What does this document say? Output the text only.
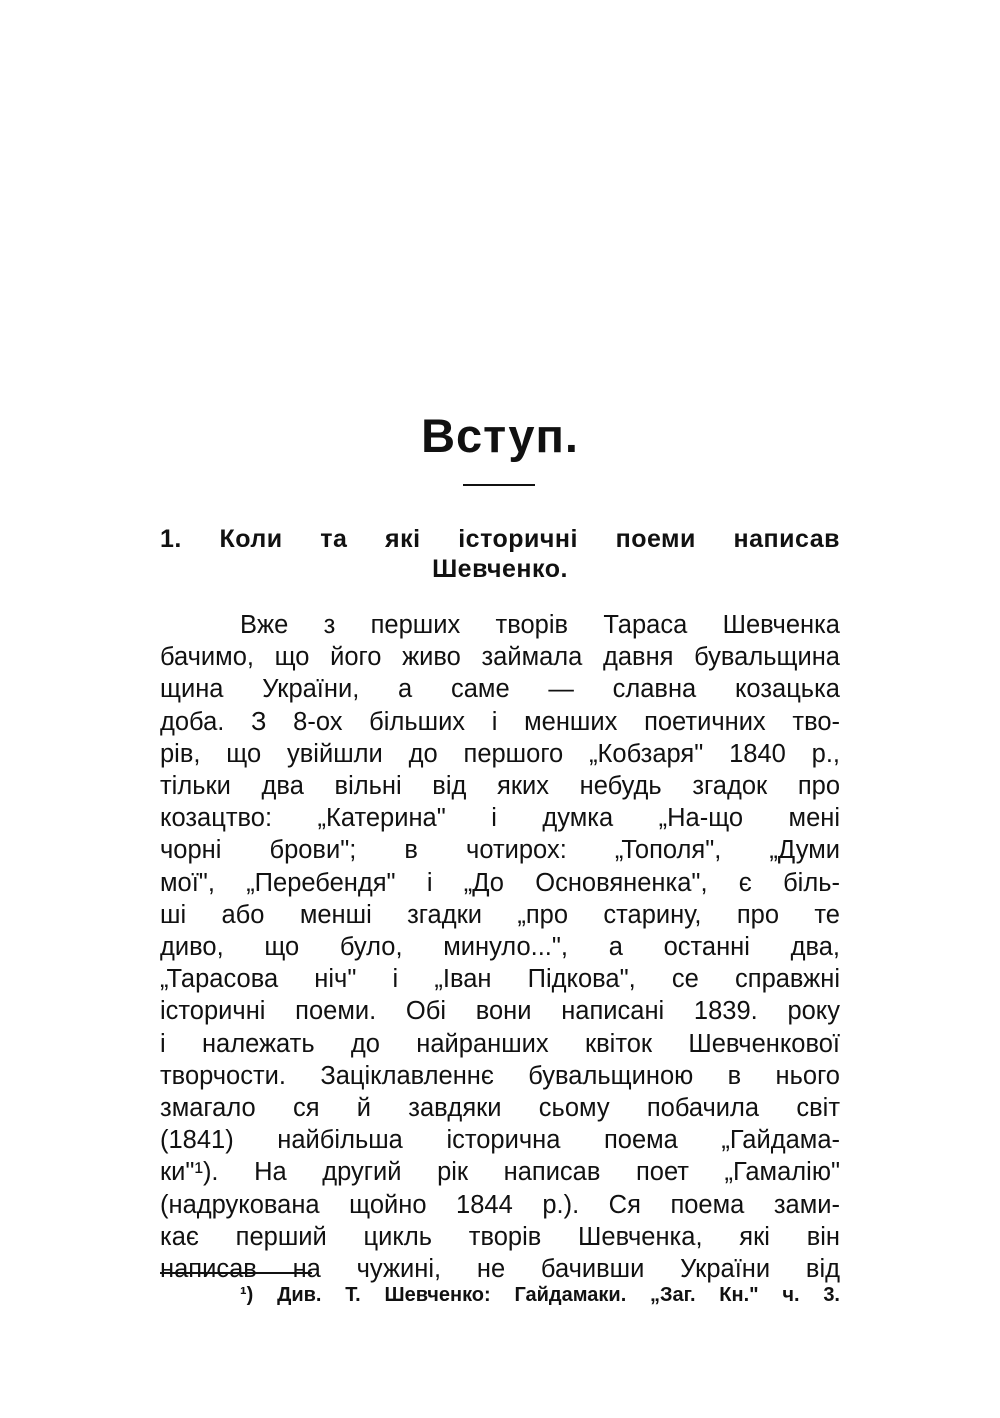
Вступ.
1. Коли та які історичні поеми написав
Шевченко.
Вже з перших творів Тараса Шевченка
бачимо, що його живо займала давня бувальщина
щина України, а саме — славна козацька
доба. З 8-ох більших і менших поетичних тво-
рів, що увійшли до першого „Кобзаря" 1840 р.,
тільки два вільні від яких небудь згадок про
козацтво: „Катерина" і думка „На-що мені
чорні брови"; в чотирох: „Тополя", „Думи
мої", „Перебендя" і „До Основяненка", є біль-
ші або менші згадки „про старину, про те
диво, що було, минуло...", а останні два,
„Тарасова ніч" і „Іван Підкова", се справжні
історичні поеми. Обі вони написані 1839. року
і належать до найранших квіток Шевченкової
творчости. Заціклавленнє бувальщиною в нього
змагало ся й завдяки сьому побачила світ
(1841) найбільша історична поема „Гайдама-
ки"¹). На другий рік написав поет „Гамалію"
(надрукована щойно 1844 р.). Ся поема зами-
кає перший цикль творів Шевченка, які він
написав на чужині, не бачивши України від
¹) Див. Т. Шевченко: Гайдамаки. „Заг. Кн." ч. 3.
